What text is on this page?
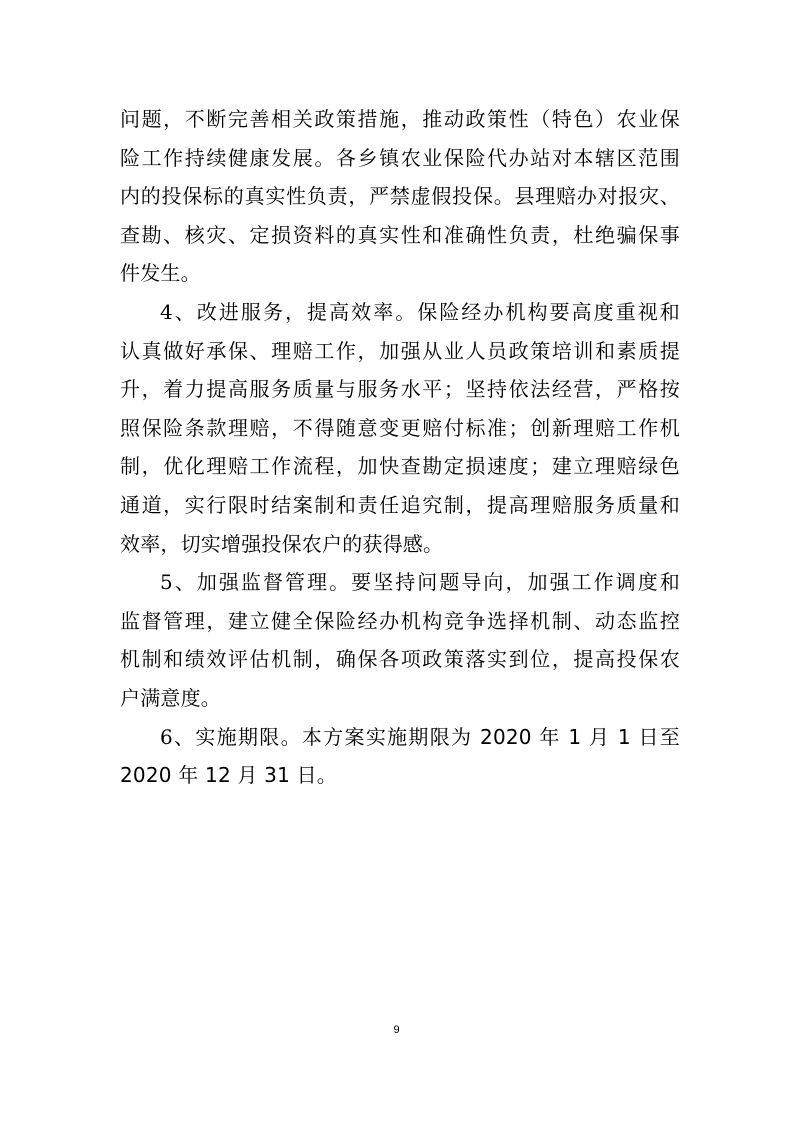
问题，不断完善相关政策措施，推动政策性（特色）农业保
险工作持续健康发展。各乡镇农业保险代办站对本辖区范围
内的投保标的真实性负责，严禁虚假投保。县理赔办对报灾、
查勘、核灾、定损资料的真实性和准确性负责，杜绝骗保事
件发生。
4、改进服务，提高效率。保险经办机构要高度重视和
认真做好承保、理赔工作，加强从业人员政策培训和素质提
升，着力提高服务质量与服务水平；坚持依法经营，严格按
照保险条款理赔，不得随意变更赔付标准；创新理赔工作机
制，优化理赔工作流程，加快查勘定损速度；建立理赔绿色
通道，实行限时结案制和责任追究制，提高理赔服务质量和
效率，切实增强投保农户的获得感。
5、加强监督管理。要坚持问题导向，加强工作调度和
监督管理，建立健全保险经办机构竞争选择机制、动态监控
机制和绩效评估机制，确保各项政策落实到位，提高投保农
户满意度。
6、实施期限。本方案实施期限为 2020 年 1 月 1 日至
2020 年 12 月 31 日。
9
